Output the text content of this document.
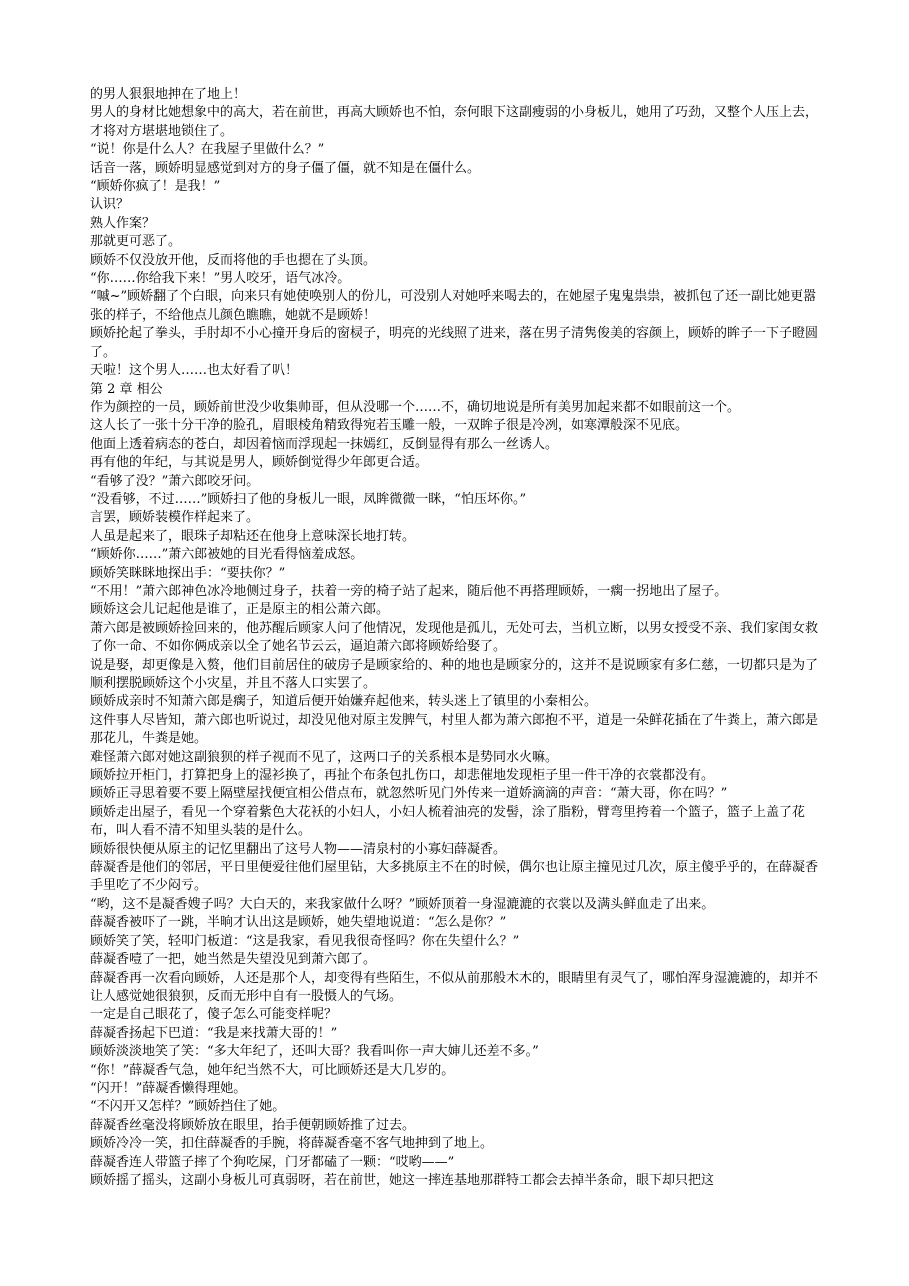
的男人狠狠地抻在了地上！

男人的身材比她想象中的高大，若在前世，再高大顾娇也不怕，奈何眼下这副瘦弱的小身板儿，她用了巧劲，又整个人压上去，才将对方堪堪地锁住了。

“说！你是什么人？在我屋子里做什么？”

话音一落，顾娇明显感觉到对方的身子僵了僵，就不知是在僵什么。

“顾娇你疯了！是我！”

认识？

熟人作案？

那就更可恶了。

顾娇不仅没放开他，反而将他的手也摁在了头顶。

“你……你给我下来！”男人咬牙，语气冰冷。

“嘁~”顾娇翻了个白眼，向来只有她使唤别人的份儿，可没别人对她呼来喝去的，在她屋子鬼鬼祟祟，被抓包了还一副比她更嚣张的样子，不给他点儿颜色瞧瞧，她就不是顾娇！

顾娇抡起了拳头，手肘却不小心撞开身后的窗棂子，明亮的光线照了进来，落在男子清隽俊美的容颜上，顾娇的眸子一下子瞪圆了。

天啦！这个男人……也太好看了叭！

第 2 章 相公

作为颜控的一员，顾娇前世没少收集帅哥，但从没哪一个……不，确切地说是所有美男加起来都不如眼前这一个。

这人长了一张十分干净的脸孔，眉眼棱角精致得宛若玉雕一般，一双眸子很是冷冽，如寒潭般深不见底。

他面上透着病态的苍白，却因着恼而浮现起一抹嫣红，反倒显得有那么一丝诱人。

再有他的年纪，与其说是男人，顾娇倒觉得少年郎更合适。

“看够了没？”萧六郎咬牙问。

“没看够，不过……”顾娇扫了他的身板儿一眼，凤眸微微一眯，“怕压坏你。”

言罢，顾娇装模作样起来了。

人虽是起来了，眼珠子却粘还在他身上意味深长地打转。

“顾娇你……”萧六郎被她的目光看得恼羞成怒。

顾娇笑眯眯地探出手：“要扶你？”

“不用！”萧六郎神色冰冷地侧过身子，扶着一旁的椅子站了起来，随后他不再搭理顾娇，一瘸一拐地出了屋子。

顾娇这会儿记起他是谁了，正是原主的相公萧六郎。

萧六郎是被顾娇捡回来的，他苏醒后顾家人问了他情况，发现他是孤儿，无处可去，当机立断，以男女授受不亲、我们家闺女救了你一命、不如你俩成亲以全了她名节云云，逼迫萧六郎将顾娇给娶了。

说是娶，却更像是入赘，他们目前居住的破房子是顾家给的、种的地也是顾家分的，这并不是说顾家有多仁慈，一切都只是为了顺利摆脱顾娇这个小灾星，并且不落人口实罢了。

顾娇成亲时不知萧六郎是瘸子，知道后便开始嫌弃起他来，转头迷上了镇里的小秦相公。

这件事人尽皆知，萧六郎也听说过，却没见他对原主发脾气，村里人都为萧六郎抱不平，道是一朵鲜花插在了牛粪上，萧六郎是那花儿，牛粪是她。

难怪萧六郎对她这副狼狈的样子视而不见了，这两口子的关系根本是势同水火嘛。

顾娇拉开柜门，打算把身上的湿衫换了，再扯个布条包扎伤口，却悲催地发现柜子里一件干净的衣裳都没有。

顾娇正寻思着要不要上隔壁屋找便宜相公借点布，就忽然听见门外传来一道娇滴滴的声音：“萧大哥，你在吗？”

顾娇走出屋子，看见一个穿着紫色大花袄的小妇人，小妇人梳着油亮的发髻，涂了脂粉，臂弯里挎着一个篮子，篮子上盖了花布，叫人看不清不知里头装的是什么。

顾娇很快便从原主的记忆里翻出了这号人物——清泉村的小寡妇薛凝香。

薛凝香是他们的邻居，平日里便爱往他们屋里钻，大多挑原主不在的时候，偶尔也让原主撞见过几次，原主傻乎乎的，在薛凝香手里吃了不少闷亏。

“哟，这不是凝香嫂子吗？大白天的，来我家做什么呀？”顾娇顶着一身湿漉漉的衣裳以及满头鲜血走了出来。

薛凝香被吓了一跳，半晌才认出这是顾娇，她失望地说道：“怎么是你？”

顾娇笑了笑，轻叩门板道：“这是我家，看见我很奇怪吗？你在失望什么？”

薛凝香噎了一把，她当然是失望没见到萧六郎了。

薛凝香再一次看向顾娇，人还是那个人，却变得有些陌生，不似从前那般木木的，眼睛里有灵气了，哪怕浑身湿漉漉的，却并不让人感觉她很狼狈，反而无形中自有一股慑人的气场。

一定是自己眼花了，傻子怎么可能变样呢？

薛凝香扬起下巴道：“我是来找萧大哥的！”

顾娇淡淡地笑了笑：“多大年纪了，还叫大哥？我看叫你一声大婶儿还差不多。”

“你！”薛凝香气急，她年纪当然不大，可比顾娇还是大几岁的。

“闪开！”薛凝香懒得理她。

“不闪开又怎样？”顾娇挡住了她。

薛凝香丝毫没将顾娇放在眼里，抬手便朝顾娇推了过去。

顾娇冷冷一笑，扣住薛凝香的手腕，将薛凝香毫不客气地抻到了地上。

薛凝香连人带篮子摔了个狗吃屎，门牙都磕了一颗：“哎哟——”

顾娇摇了摇头，这副小身板儿可真弱呀，若在前世，她这一摔连基地那群特工都会去掉半条命，眼下却只把这
